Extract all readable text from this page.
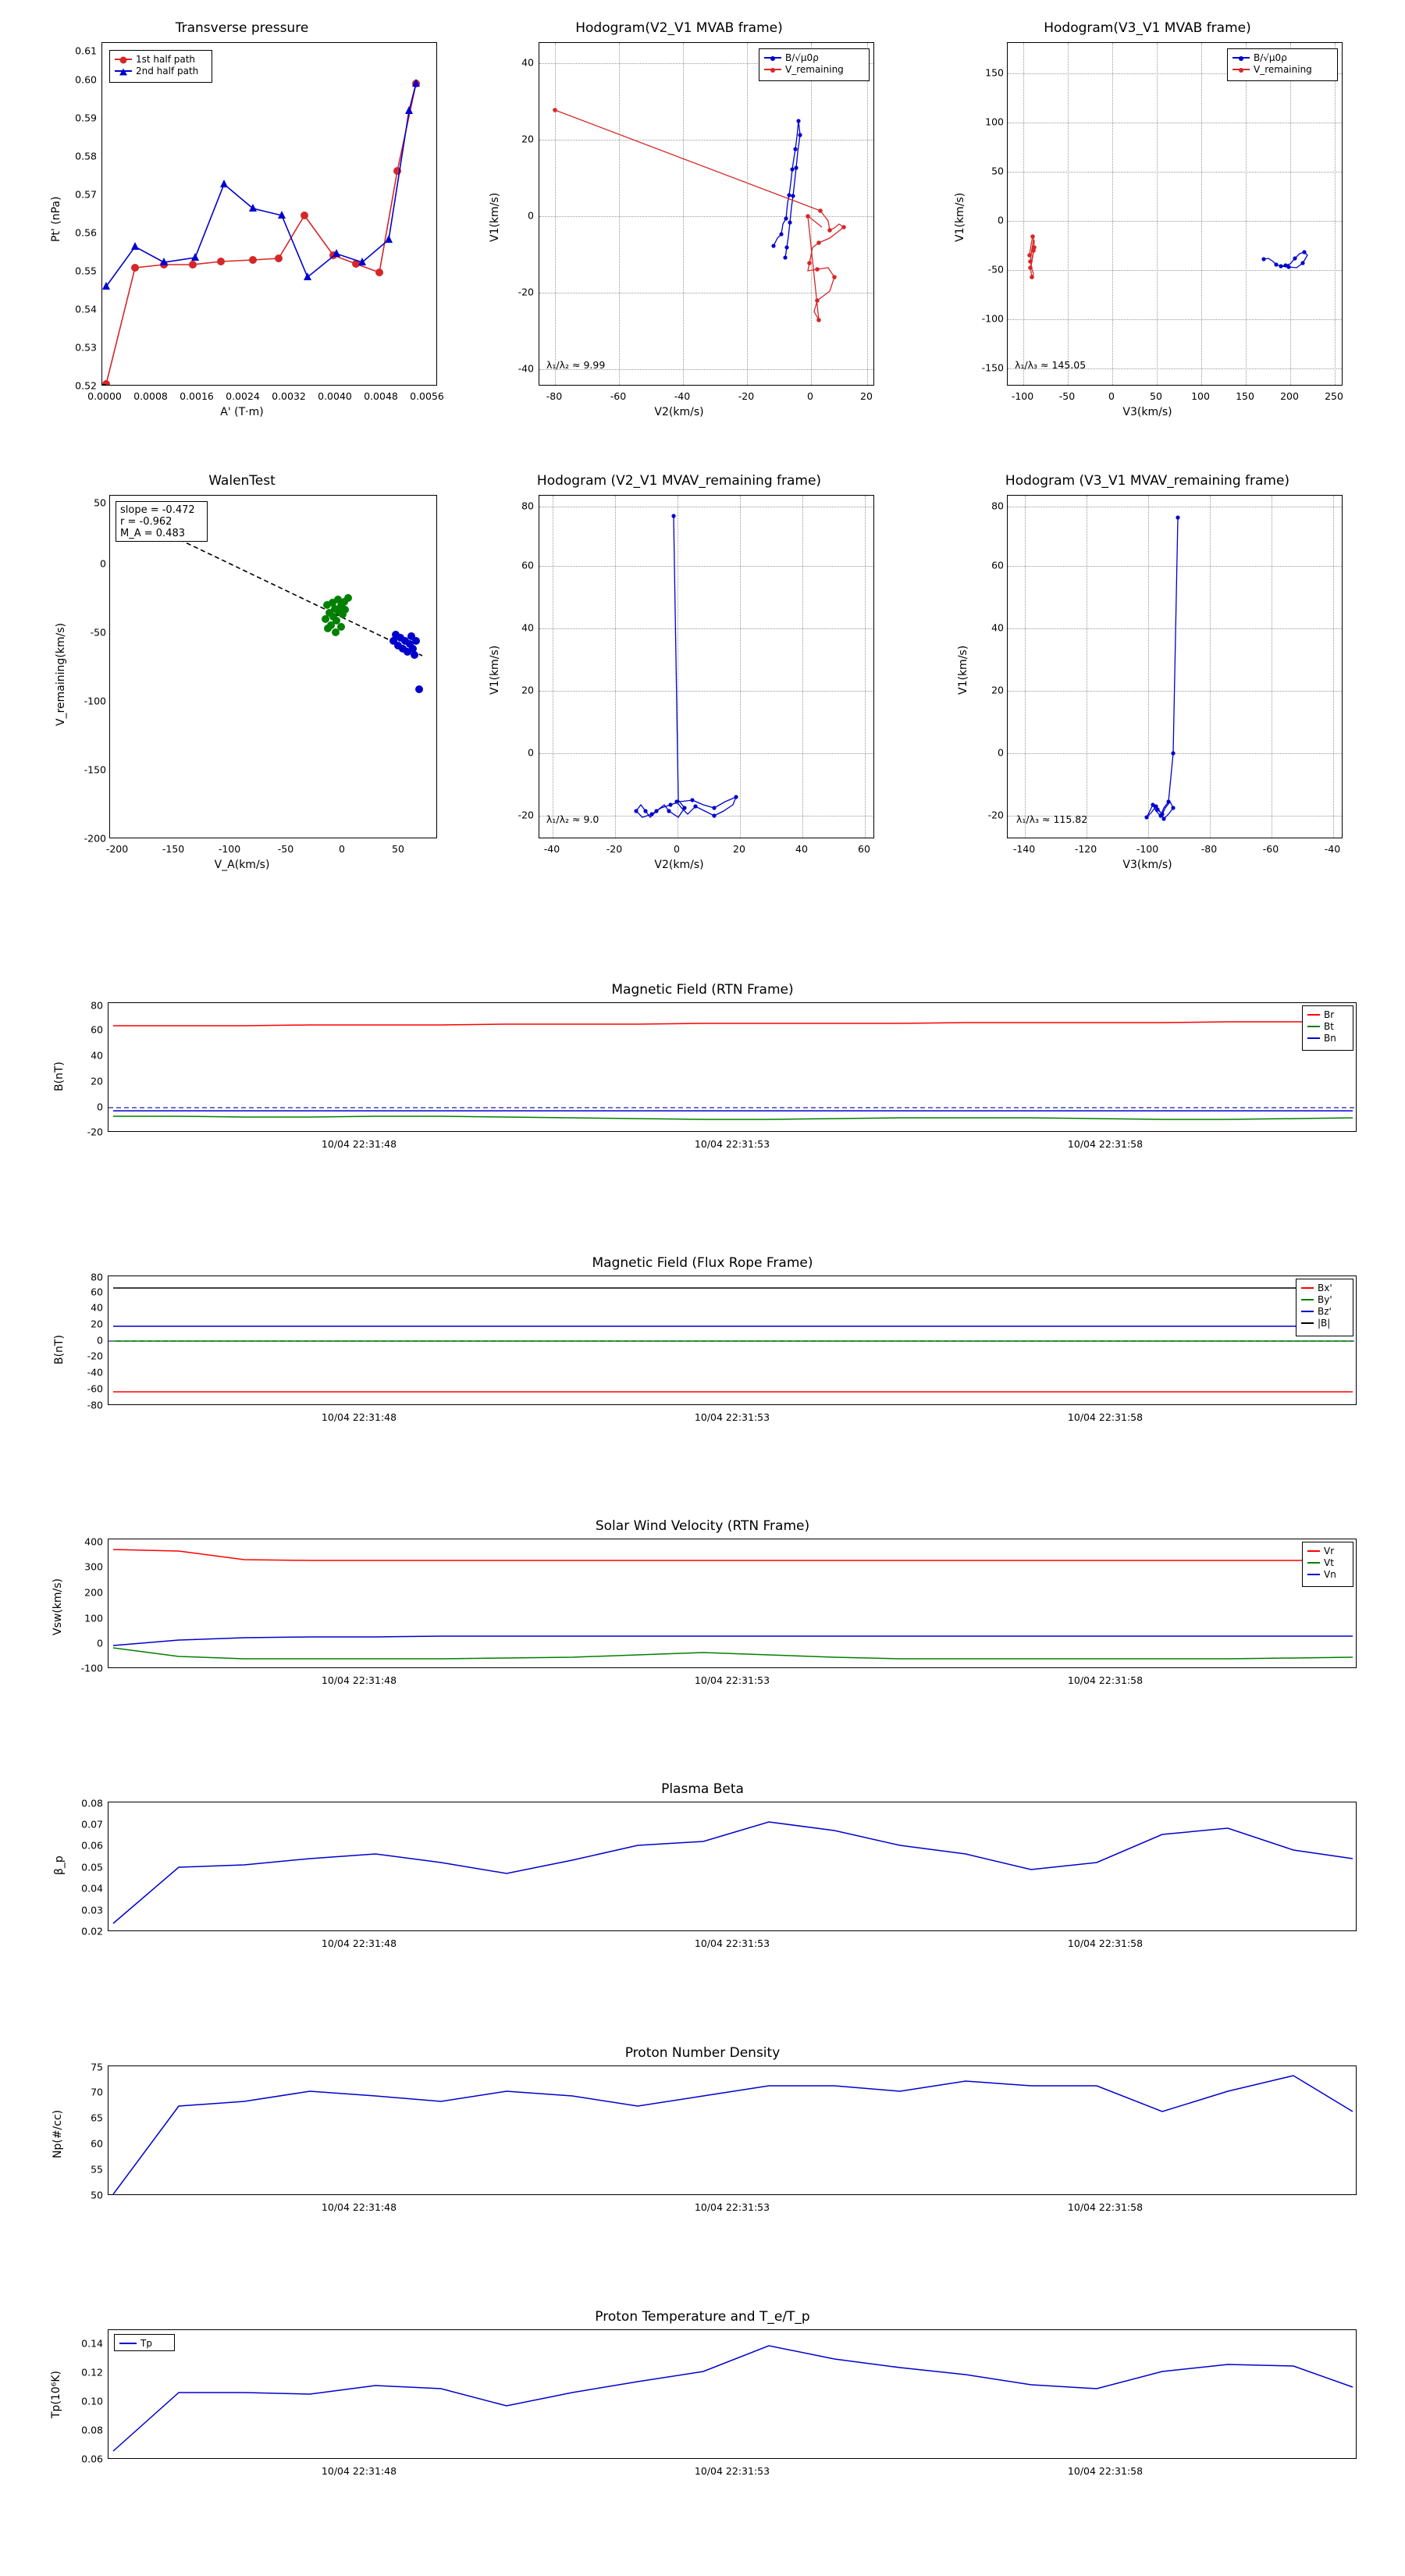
Transverse pressure
0.52
0.53
0.54
0.55
0.56
0.57
0.58
0.59
0.60
0.61
0.0000 0.0008 0.0016 0.0024 0.0032 0.0040 0.0048 0.0056
A' (T·m)
Pt' (nPa)
1st half path
2nd half path
Hodogram(V2_V1 MVAB frame)
-40
-20
0
20
40
-80	-60	-40	-20	0	20
V2(km/s)
V1(km/s)
λ₁/λ₂ ≈ 9.99
B/√μ0ρ
V_remaining
Hodogram(V3_V1 MVAB frame)
-150
-100
-50
0
50
100
150
-100	-50	0	50	100	150	200	250
V3(km/s)
V1(km/s)
λ₁/λ₃ ≈ 145.05
B/√μ0ρ
V_remaining
WalenTest
slope = -0.472
r = -0.962
M_A = 0.483
-200
-150
-100
-50
0
50
-200	-150	-100	-50	0	50
V_A(km/s)
V_remaining(km/s)
Hodogram (V2_V1 MVAV_remaining frame)
-20
0
20
40
60
80
-40	-20	0	20	40	60
V2(km/s)
V1(km/s)
λ₁/λ₂ ≈ 9.0
Hodogram (V3_V1 MVAV_remaining frame)
-20
0
20
40
60
80
-140	-120	-100	-80	-60	-40
V3(km/s)
V1(km/s)
λ₁/λ₃ ≈ 115.82
Magnetic Field (RTN Frame)
-20
0
20
40
60
80
10/04 22:31:48	10/04 22:31:53	10/04 22:31:58
B(nT)
Br
Bt
Bn
Magnetic Field (Flux Rope Frame)
-80
-60
-40
-20
0
20
40
60
80
10/04 22:31:48	10/04 22:31:53	10/04 22:31:58
B(nT)
Bx'
By'
Bz'
|B|
Solar Wind Velocity (RTN Frame)
-100
0
100
200
300
400
10/04 22:31:48	10/04 22:31:53	10/04 22:31:58
Vsw(km/s)
Vr
Vt
Vn
Plasma Beta
0.02
0.03
0.04
0.05
0.06
0.07
0.08
10/04 22:31:48	10/04 22:31:53	10/04 22:31:58
β_p
Proton Number Density
50
55
60
65
70
75
10/04 22:31:48	10/04 22:31:53	10/04 22:31:58
Np(#/cc)
Proton Temperature and T_e/T_p
Tp
0.06
0.08
0.10
0.12
0.14
10/04 22:31:48	10/04 22:31:53	10/04 22:31:58
Tp(10⁶K)
